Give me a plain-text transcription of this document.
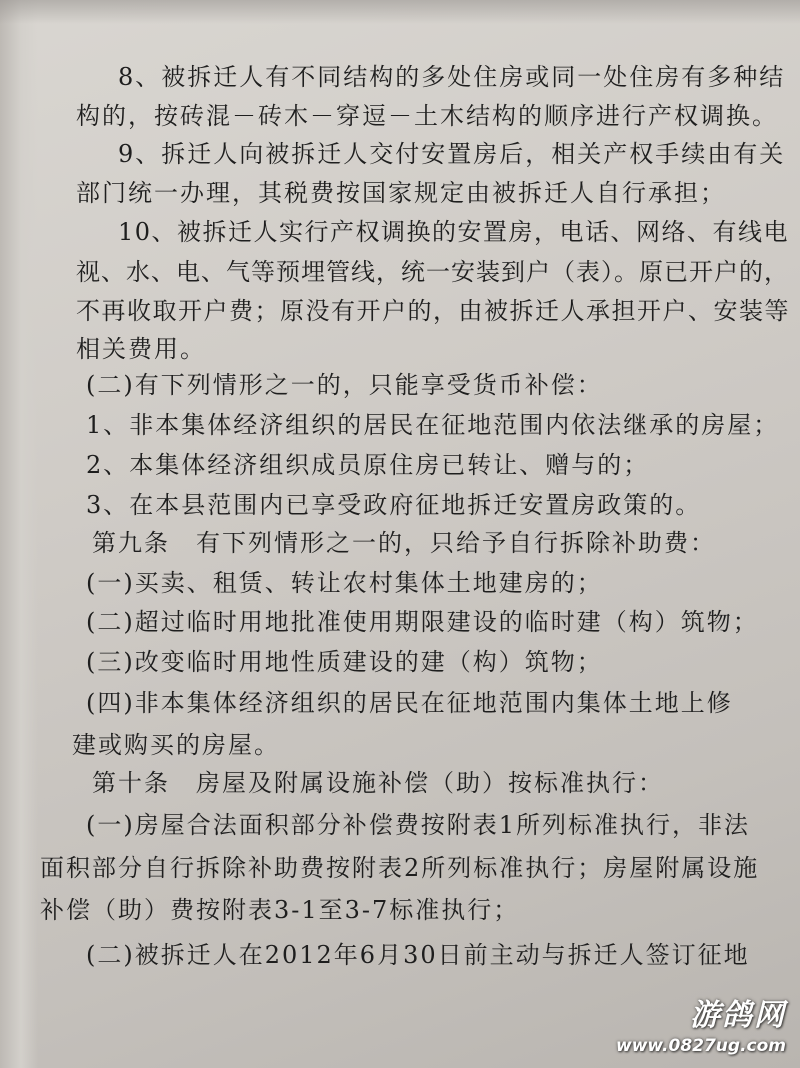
8、被拆迁人有不同结构的多处住房或同一处住房有多种结
构的，按砖混－砖木－穿逗－土木结构的顺序进行产权调换。
9、拆迁人向被拆迁人交付安置房后，相关产权手续由有关
部门统一办理，其税费按国家规定由被拆迁人自行承担；
10、被拆迁人实行产权调换的安置房，电话、网络、有线电
视、水、电、气等预埋管线，统一安装到户（表）。原已开户的，
不再收取开户费；原没有开户的，由被拆迁人承担开户、安装等
相关费用。
(二)有下列情形之一的，只能享受货币补偿：
1、非本集体经济组织的居民在征地范围内依法继承的房屋；
2、本集体经济组织成员原住房已转让、赠与的；
3、在本县范围内已享受政府征地拆迁安置房政策的。
第九条　有下列情形之一的，只给予自行拆除补助费：
(一)买卖、租赁、转让农村集体土地建房的；
(二)超过临时用地批准使用期限建设的临时建（构）筑物；
(三)改变临时用地性质建设的建（构）筑物；
(四)非本集体经济组织的居民在征地范围内集体土地上修
建或购买的房屋。
第十条　房屋及附属设施补偿（助）按标准执行：
(一)房屋合法面积部分补偿费按附表1所列标准执行，非法
面积部分自行拆除补助费按附表2所列标准执行；房屋附属设施
补偿（助）费按附表3-1至3-7标准执行；
(二)被拆迁人在2012年6月30日前主动与拆迁人签订征地
游鸽网
www.0827ug.com
